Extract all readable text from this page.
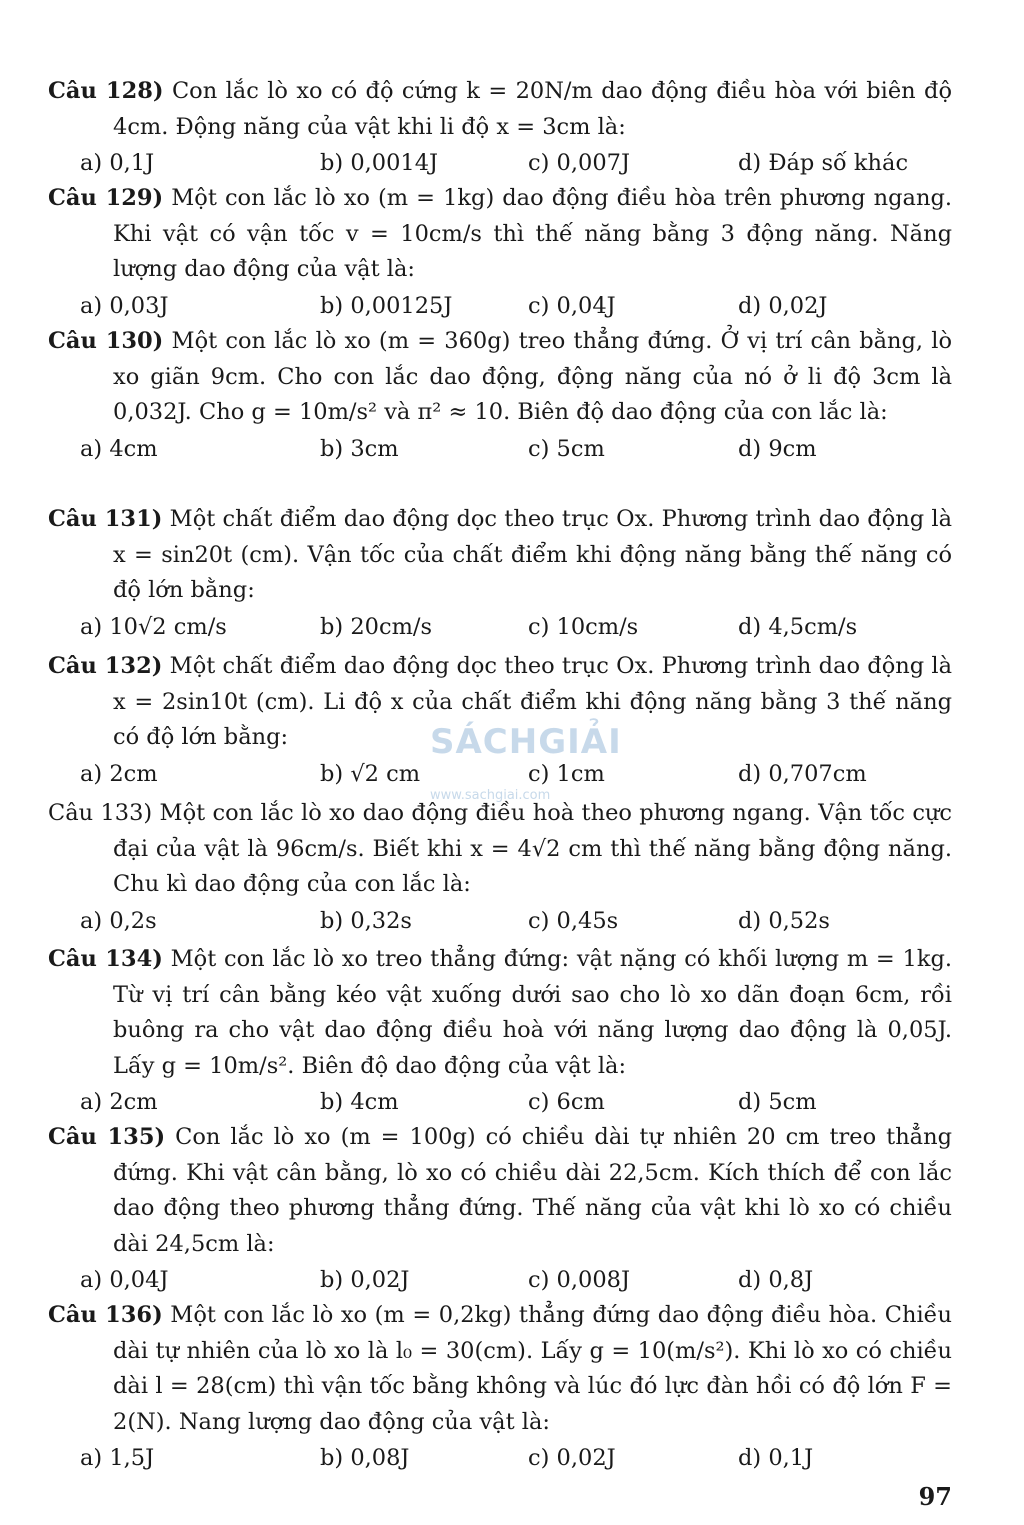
Câu 128) Con lắc lò xo có độ cứng k = 20N/m dao động điều hòa với biên độ 4cm. Động năng của vật khi li độ x = 3cm là:

a) 0,1J	b) 0,0014J	c) 0,007J	d) Đáp số khác

Câu 129) Một con lắc lò xo (m = 1kg) dao động điều hòa trên phương ngang. Khi vật có vận tốc v = 10cm/s thì thế năng bằng 3 động năng. Năng lượng dao động của vật là:

a) 0,03J	b) 0,00125J	c) 0,04J	d) 0,02J

Câu 130) Một con lắc lò xo (m = 360g) treo thẳng đứng. Ở vị trí cân bằng, lò xo giãn 9cm. Cho con lắc dao động, động năng của nó ở li độ 3cm là 0,032J. Cho g = 10m/s² và π² ≈ 10. Biên độ dao động của con lắc là:

a) 4cm	b) 3cm	c) 5cm	d) 9cm

Câu 131) Một chất điểm dao động dọc theo trục Ox. Phương trình dao động là x = sin20t (cm). Vận tốc của chất điểm khi động năng bằng thế năng có độ lớn bằng:

a) 10√2 cm/s	b) 20cm/s	c) 10cm/s	d) 4,5cm/s

Câu 132) Một chất điểm dao động dọc theo trục Ox. Phương trình dao động là x = 2sin10t (cm). Li độ x của chất điểm khi động năng bằng 3 thế năng có độ lớn bằng:

a) 2cm	b) √2 cm	c) 1cm	d) 0,707cm

Câu 133) Một con lắc lò xo dao động điều hoà theo phương ngang. Vận tốc cực đại của vật là 96cm/s. Biết khi x = 4√2 cm thì thế năng bằng động năng. Chu kì dao động của con lắc là:

a) 0,2s	b) 0,32s	c) 0,45s	d) 0,52s

Câu 134) Một con lắc lò xo treo thẳng đứng: vật nặng có khối lượng m = 1kg. Từ vị trí cân bằng kéo vật xuống dưới sao cho lò xo dãn đoạn 6cm, rồi buông ra cho vật dao động điều hoà với năng lượng dao động là 0,05J. Lấy g = 10m/s². Biên độ dao động của vật là:

a) 2cm	b) 4cm	c) 6cm	d) 5cm

Câu 135) Con lắc lò xo (m = 100g) có chiều dài tự nhiên 20 cm treo thẳng đứng. Khi vật cân bằng, lò xo có chiều dài 22,5cm. Kích thích để con lắc dao động theo phương thẳng đứng. Thế năng của vật khi lò xo có chiều dài 24,5cm là:

a) 0,04J	b) 0,02J	c) 0,008J	d) 0,8J

Câu 136) Một con lắc lò xo (m = 0,2kg) thẳng đứng dao động điều hòa. Chiều dài tự nhiên của lò xo là l₀ = 30(cm). Lấy g = 10(m/s²). Khi lò xo có chiều dài l = 28(cm) thì vận tốc bằng không và lúc đó lực đàn hồi có độ lớn F = 2(N). Nang lượng dao động của vật là:

a) 1,5J	b) 0,08J	c) 0,02J	d) 0,1J
SÁCHGIẢI
www.sachgiai.com
97
